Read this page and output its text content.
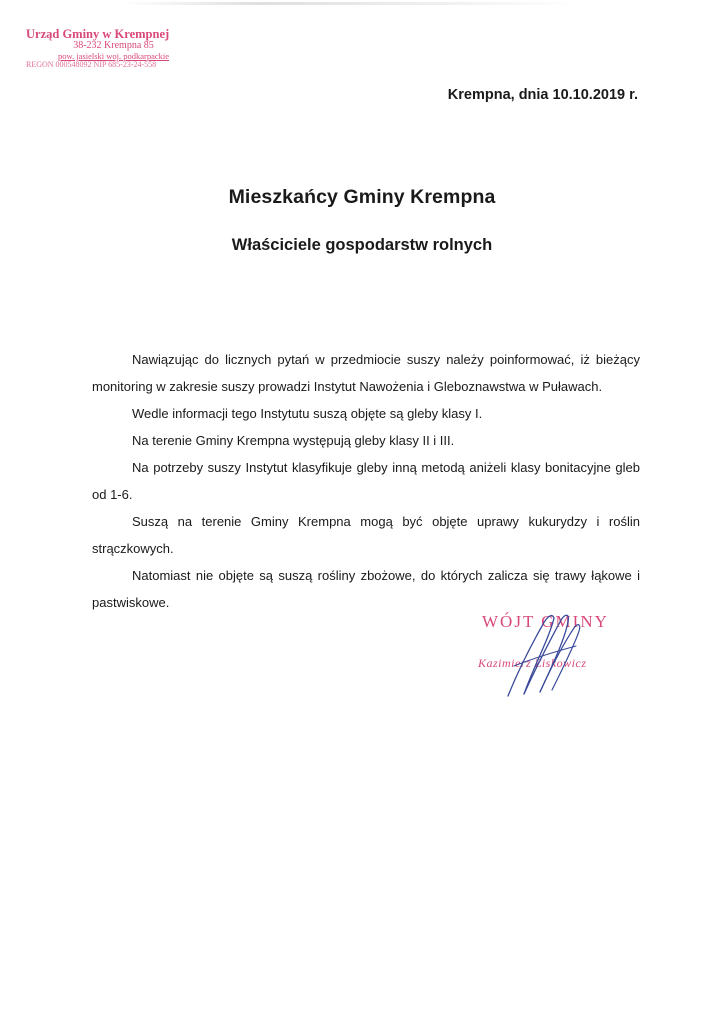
Urząd Gminy w Krempnej
38-232 Krempna 85
pow. jasielski woj. podkarpackie
REGON 000548092 NIP 685-23-24-558
Krempna, dnia 10.10.2019 r.
Mieszkańcy Gminy Krempna
Właściciele gospodarstw rolnych

Nawiązując do licznych pytań w przedmiocie suszy należy poinformować, iż bieżący monitoring w zakresie suszy prowadzi Instytut Nawożenia i Gleboznawstwa w Puławach.

Wedle informacji tego Instytutu suszą objęte są gleby klasy I.

Na terenie Gminy Krempna występują gleby klasy II i III.

Na potrzeby suszy Instytut klasyfikuje gleby inną metodą aniżeli klasy bonitacyjne gleb od 1-6.

Suszą na terenie Gminy Krempna mogą być objęte uprawy kukurydzy i roślin strączkowych.

Natomiast nie objęte są suszą rośliny zbożowe, do których zalicza się trawy łąkowe i pastwiskowe.

WÓJT GMINY
Kazimierz Ziskowicz
